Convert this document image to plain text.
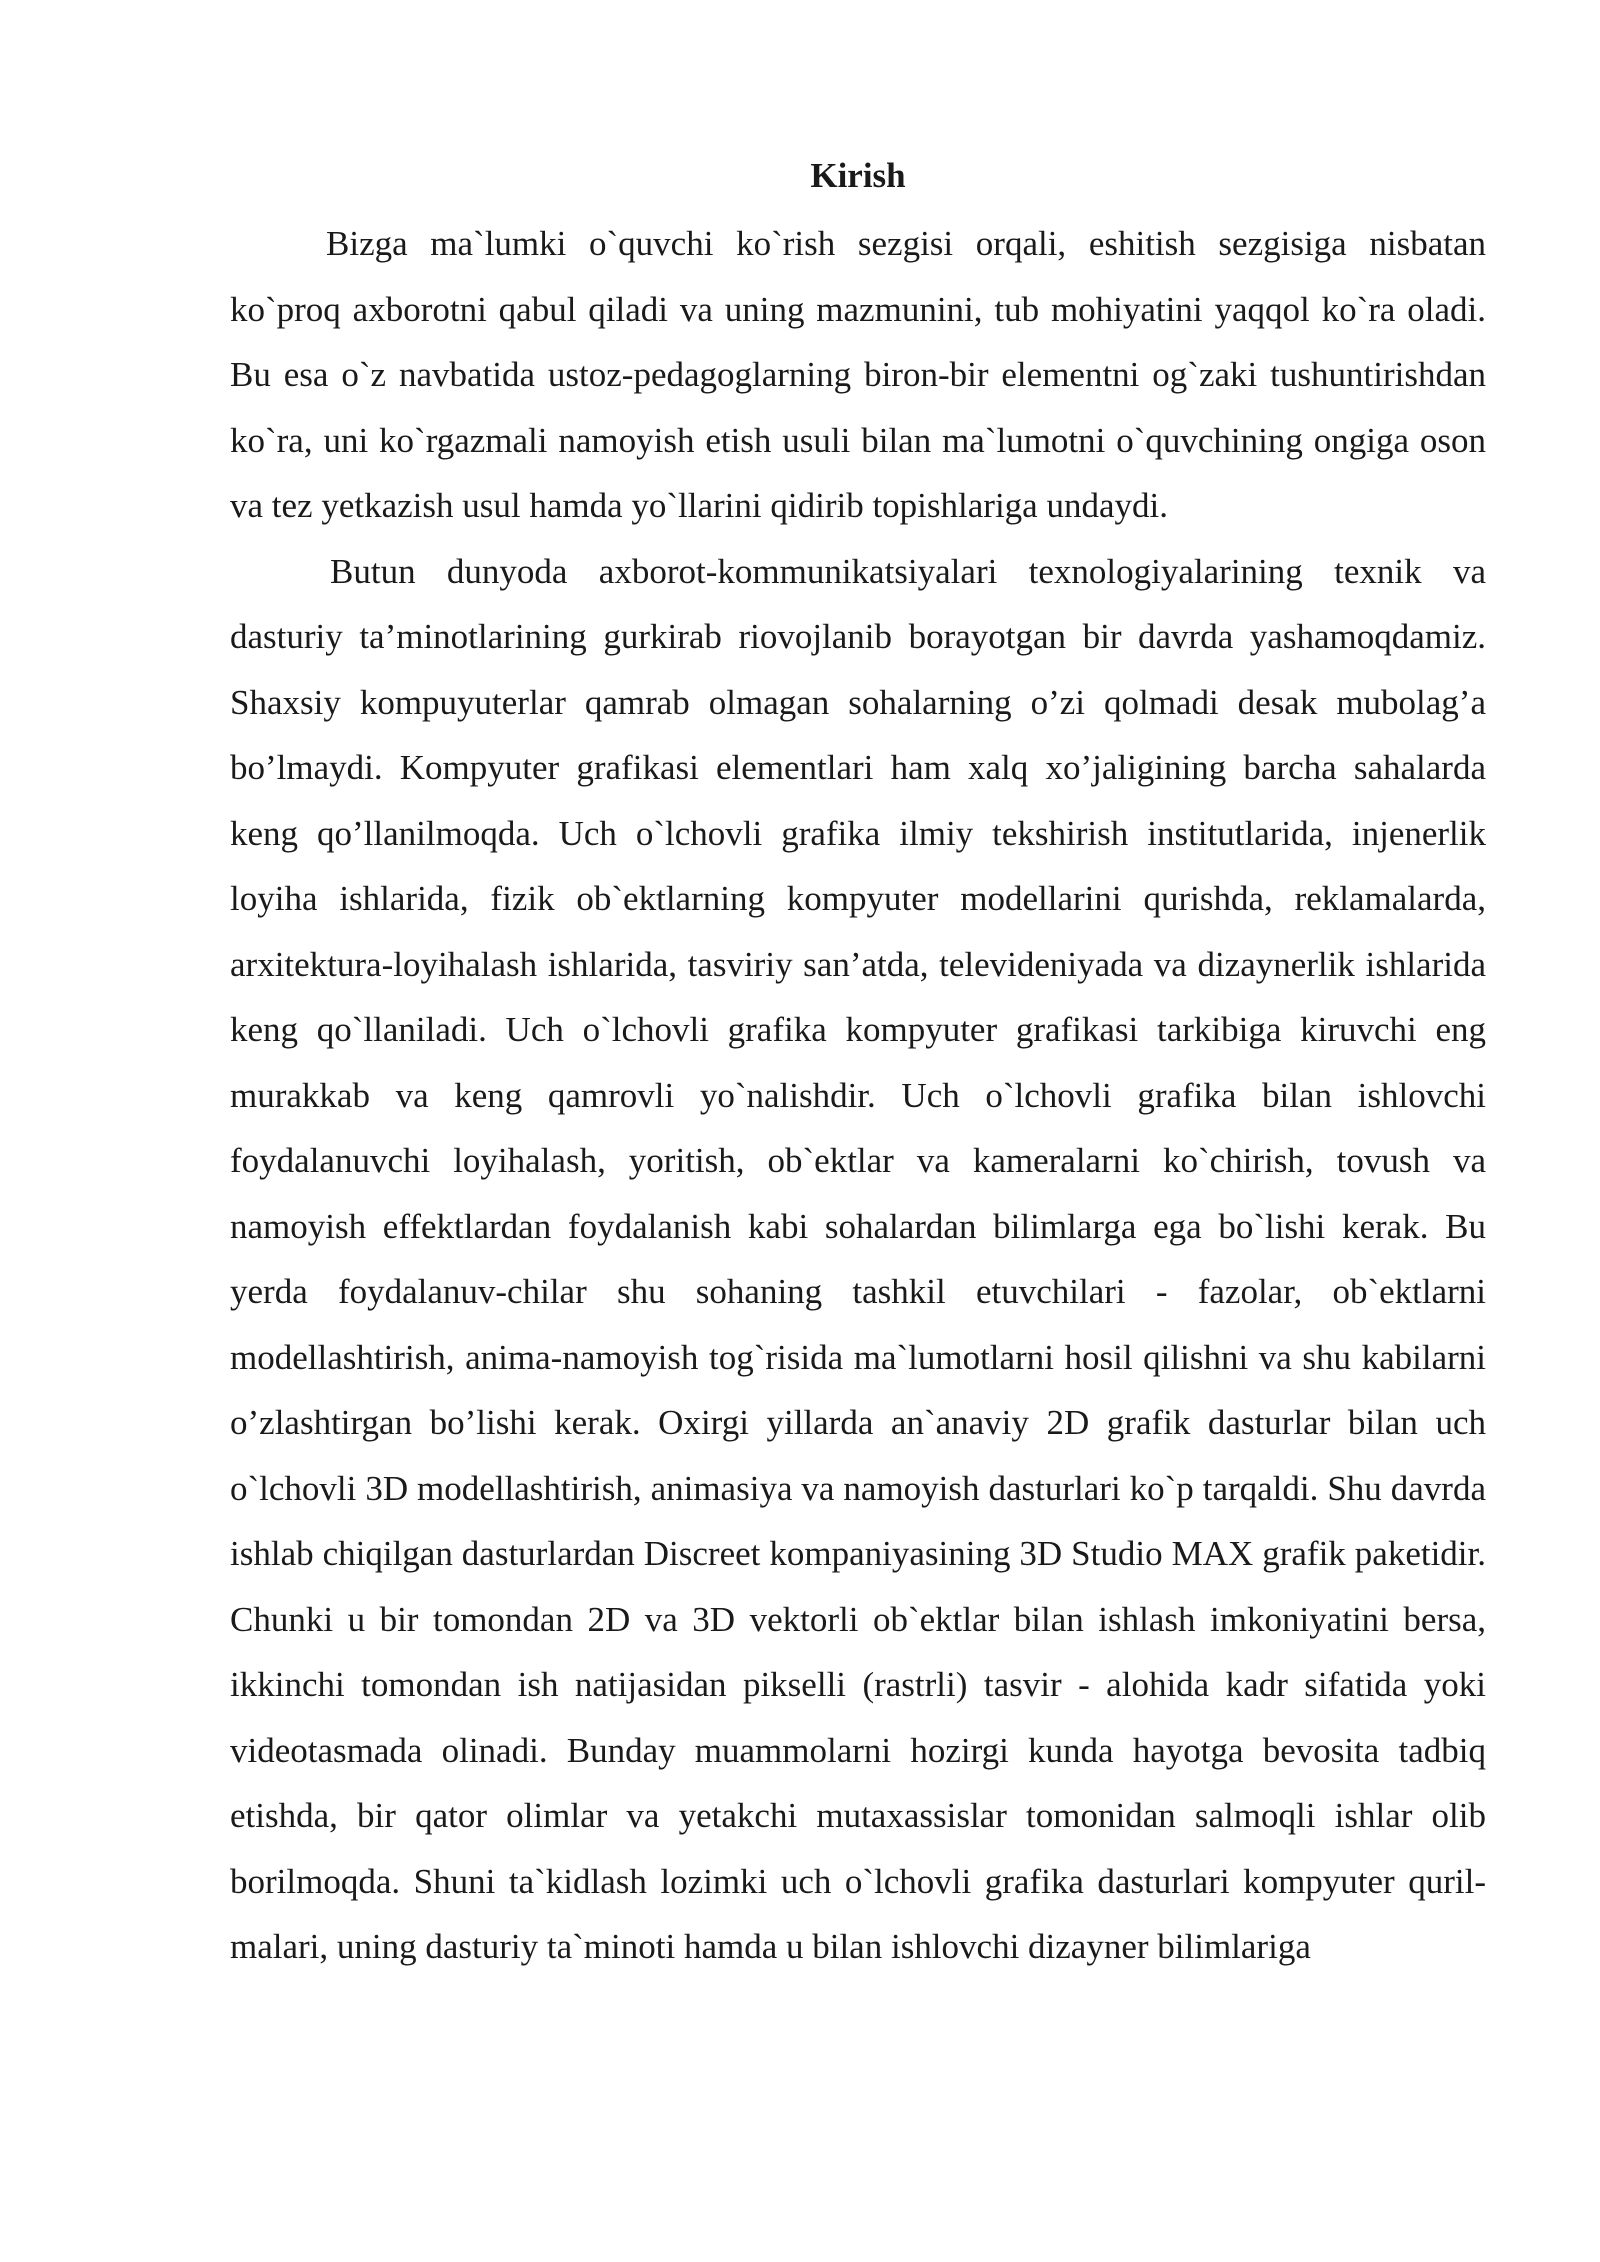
Kirish

Bizga ma`lumki o`quvchi ko`rish sezgisi orqali, eshitish sezgisiga nisbatan ko`proq axborotni qabul qiladi va uning mazmunini, tub mohiyatini yaqqol ko`ra oladi. Bu esa o`z navbatida ustoz-pedagoglarning biron-bir elementni og`zaki tushuntirishdan ko`ra, uni ko`rgazmali namoyish etish usuli bilan ma`lumotni o`quvchining ongiga oson va tez yetkazish usul hamda yo`llarini qidirib topishlariga undaydi.

Butun dunyoda axborot-kommunikatsiyalari texnologiyalarining texnik va dasturiy ta’minotlarining gurkirab riovojlanib borayotgan bir davrda yashamoqdamiz. Shaxsiy kompuyuterlar qamrab olmagan sohalarning o’zi qolmadi desak mubolag’a bo’lmaydi. Kompyuter grafikasi elementlari ham xalq xo’jaligining barcha sahalarda keng qo’llanilmoqda. Uch o`lchovli grafika ilmiy tekshirish institutlarida, injenerlik loyiha ishlarida, fizik ob`ektlarning kompyuter modellarini qurishda, reklamalarda, arxitektura-loyihalash ishlarida, tasviriy san’atda, televideniyada va dizaynerlik ishlarida keng qo`llaniladi. Uch o`lchovli grafika kompyuter grafikasi tarkibiga kiruvchi eng murakkab va keng qamrovli yo`nalishdir. Uch o`lchovli grafika bilan ishlovchi foydalanuvchi loyihalash, yoritish, ob`ektlar va kameralarni ko`chirish, tovush va namoyish effektlardan foydalanish kabi sohalardan bilimlarga ega bo`lishi kerak. Bu yerda foydalanuv-chilar shu sohaning tashkil etuvchilari - fazolar, ob`ektlarni modellashtirish, anima-namoyish tog`risida ma`lumotlarni hosil qilishni va shu kabilarni o’zlashtirgan bo’lishi kerak. Oxirgi yillarda an`anaviy 2D grafik dasturlar bilan uch o`lchovli 3D modellashtirish, animasiya va namoyish dasturlari ko`p tarqaldi. Shu davrda ishlab chiqilgan dasturlardan Discreet kompaniyasining 3D Studio MAX grafik paketidir. Chunki u bir tomondan 2D va 3D vektorli ob`ektlar bilan ishlash imkoniyatini bersa, ikkinchi tomondan ish natijasidan pikselli (rastrli) tasvir - alohida kadr sifatida yoki videotasmada olinadi. Bunday muammolarni hozirgi kunda hayotga bevosita tadbiq etishda, bir qator olimlar va yetakchi mutaxassislar tomonidan salmoqli ishlar olib borilmoqda. Shuni ta`kidlash lozimki uch o`lchovli grafika dasturlari kompyuter quril-malari, uning dasturiy ta`minoti hamda u bilan ishlovchi dizayner bilimlariga
